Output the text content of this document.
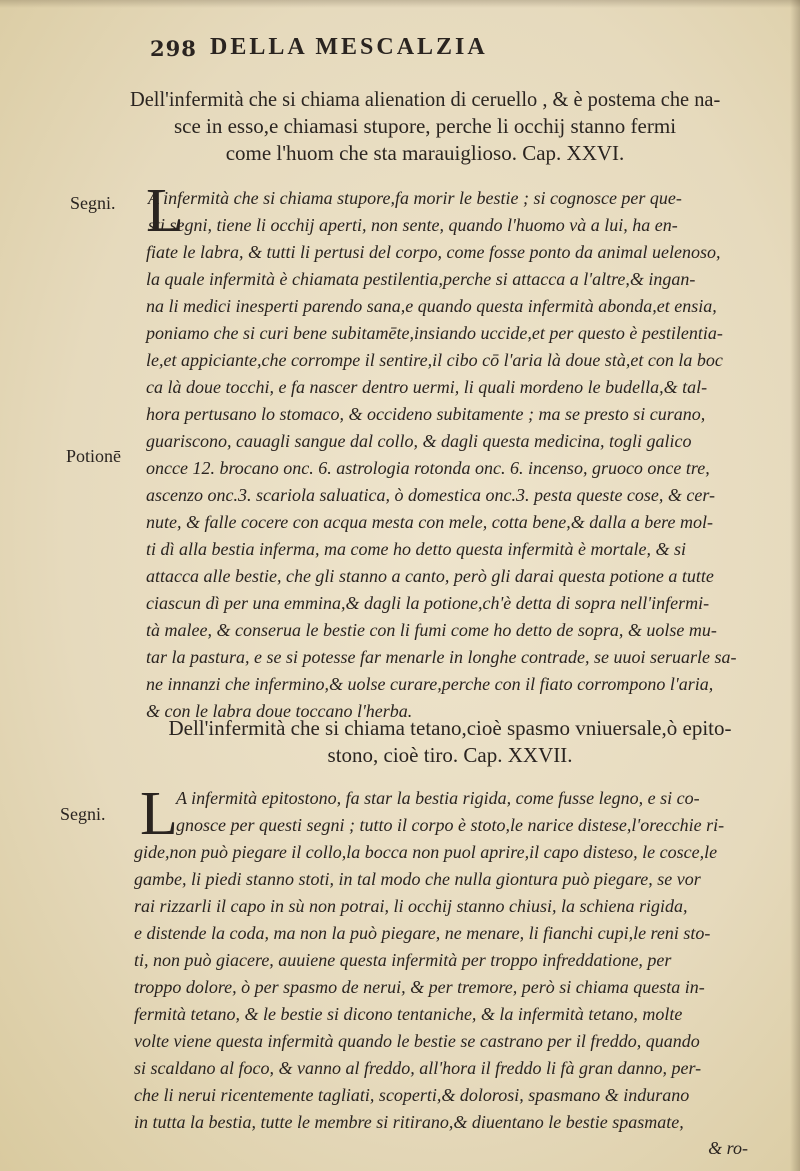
298 DELLA MESCALZIA
Dell'infermità che si chiama alienation di ceruello , & è postema che na-
sce in esso,e chiamasi stupore, perche li occhij stanno fermi
come l'huom che sta marauiglioso. Cap. XXVI.
Segni.
Potionē
L
A infermità che si chiama stupore,fa morir le bestie ; si cognosce per que-
sti segni, tiene li occhij aperti, non sente, quando l'huomo và a lui, ha en-
fiate le labra, & tutti li pertusi del corpo, come fosse ponto da animal uelenoso,
la quale infermità è chiamata pestilentia,perche si attacca a l'altre,& ingan-
na li medici inesperti parendo sana,e quando questa infermità abonda,et ensia,
poniamo che si curi bene subitamēte,insiando uccide,et per questo è pestilentia-
le,et appiciante,che corrompe il sentire,il cibo cō l'aria là doue stà,et con la boc
ca là doue tocchi, e fa nascer dentro uermi, li quali mordeno le budella,& tal-
hora pertusano lo stomaco, & occideno subitamente ; ma se presto si curano,
guariscono, cauagli sangue dal collo, & dagli questa medicina, togli galico
oncce 12. brocano onc. 6. astrologia rotonda onc. 6. incenso, gruoco once tre,
ascenzo onc.3. scariola saluatica, ò domestica onc.3. pesta queste cose, & cer-
nute, & falle cocere con acqua mesta con mele, cotta bene,& dalla a bere mol-
ti dì alla bestia inferma, ma come ho detto questa infermità è mortale, & si
attacca alle bestie, che gli stanno a canto, però gli darai questa potione a tutte
ciascun dì per una emmina,& dagli la potione,ch'è detta di sopra nell'infermi-
tà malee, & conserua le bestie con li fumi come ho detto de sopra, & uolse mu-
tar la pastura, e se si potesse far menarle in longhe contrade, se uuoi seruarle sa-
ne innanzi che infermino,& uolse curare,perche con il fiato corrompono l'aria,
& con le labra doue toccano l'herba.
Dell'infermità che si chiama tetano,cioè spasmo vniuersale,ò epito-
stono, cioè tiro. Cap. XXVII.
Segni. L
A infermità epitostono, fa star la bestia rigida, come fusse legno, e si co-
gnosce per questi segni ; tutto il corpo è stoto,le narice distese,l'orecchie ri-
gide,non può piegare il collo,la bocca non puol aprire,il capo disteso, le cosce,le
gambe, li piedi stanno stoti, in tal modo che nulla giontura può piegare, se vor
rai rizzarli il capo in sù non potrai, li occhij stanno chiusi, la schiena rigida,
e distende la coda, ma non la può piegare, ne menare, li fianchi cupi,le reni sto-
ti, non può giacere, auuiene questa infermità per troppo infreddatione, per
troppo dolore, ò per spasmo de nerui, & per tremore, però si chiama questa in-
fermità tetano, & le bestie si dicono tentaniche, & la infermità tetano, molte
volte viene questa infermità quando le bestie se castrano per il freddo, quando
si scaldano al foco, & vanno al freddo, all'hora il freddo li fà gran danno, per-
che li nerui ricentemente tagliati, scoperti,& dolorosi, spasmano & indurano
in tutta la bestia, tutte le membre si ritirano,& diuentano le bestie spasmate,
& ro-
